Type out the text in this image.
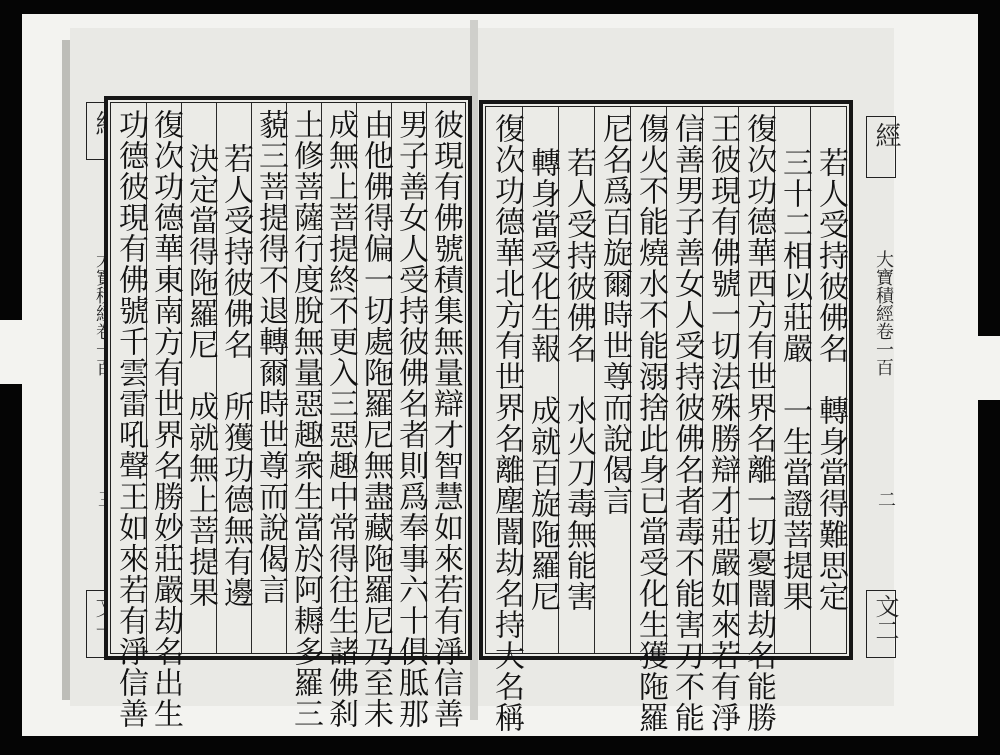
經
大寶積經卷一百
二
文二
功德彼現有佛號千雲雷吼聲王如來若有淨信善 復次功德華東南方有世界名勝妙莊嚴劫名出生 決定當得陁羅尼　成就無上菩提果 若人受持彼佛名　所獲功德無有邊 藐三菩提得不退轉爾時世尊而說偈言 土修菩薩行度脫無量惡趣衆生當於阿耨多羅三 成無上菩提終不更入三惡趣中常得往生諸佛刹 由他佛得偏一切處陁羅尼無盡藏陁羅尼乃至未 男子善女人受持彼佛名者則爲奉事六十俱胝那 彼現有佛號積集無量辯才智慧如來若有淨信善 復次功德華北方有世界名離塵闇劫名持大名稱 轉身當受化生報　成就百旋陁羅尼 若人受持彼佛名　水火刀毒無能害 尼名爲百旋爾時世尊而說偈言 傷火不能燒水不能溺捨此身已當受化生獲陁羅 信善男子善女人受持彼佛名者毒不能害刀不能 王彼現有佛號一切法殊勝辯才莊嚴如來若有淨 復次功德華西方有世界名離一切憂闇劫名能勝 三十二相以莊嚴　一生當證菩提果 若人受持彼佛名　轉身當得難思定
